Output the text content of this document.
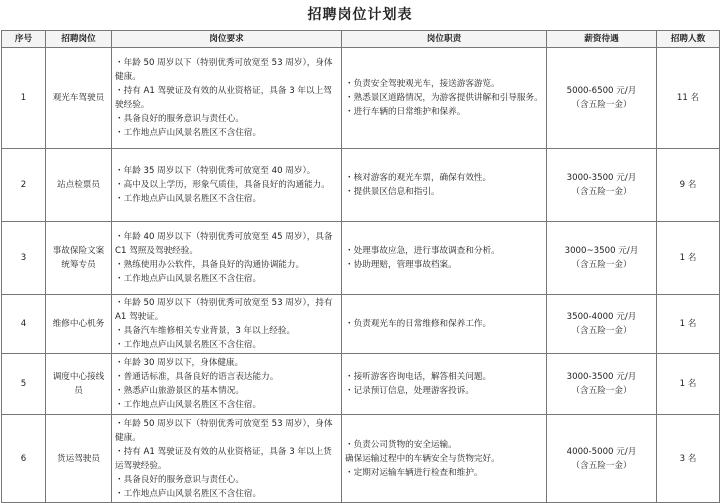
招聘岗位计划表
序号	招聘岗位	岗位要求	岗位职责	薪资待遇	招聘人数
1	观光车驾驶员	・年龄 50 周岁以下（特别优秀可放宽至 53 周岁），身体健康。
・持有 A1 驾驶证及有效的从业资格证，具备 3 年以上驾驶经验。
・具备良好的服务意识与责任心。
・工作地点庐山风景名胜区不含住宿。	・负责安全驾驶观光车，接送游客游览。
・熟悉景区道路情况，为游客提供讲解和引导服务。
・进行车辆的日常维护和保养。	5000-6500 元/月
（含五险一金）	11 名
2	站点检票员	・年龄 35 周岁以下（特别优秀可放宽至 40 周岁）。
・高中及以上学历，形象气质佳，具备良好的沟通能力。
・工作地点庐山风景名胜区不含住宿。	・核对游客的观光车票，确保有效性。
・提供景区信息和指引。	3000-3500 元/月
（含五险一金）	9 名
3	事故保险文案统筹专员	・年龄 40 周岁以下（特别优秀可放宽至 45 周岁），具备 C1 驾照及驾驶经验。
・熟练使用办公软件，具备良好的沟通协调能力。
・工作地点庐山风景名胜区不含住宿。	・处理事故应急，进行事故调查和分析。
・协助理赔，管理事故档案。	3000~3500 元/月
（含五险一金）	1 名
4	维修中心机务	・年龄 50 周岁以下（特别优秀可放宽至 53 周岁），持有 A1 驾驶证。
・具备汽车维修相关专业背景，3 年以上经验。
・工作地点庐山风景名胜区不含住宿。	・负责观光车的日常维修和保养工作。	3500-4000 元/月
（含五险一金）	1 名
5	调度中心接线员	・年龄 30 周岁以下，身体健康。
・普通话标准，具备良好的语言表达能力。
・熟悉庐山旅游景区的基本情况。
・工作地点庐山风景名胜区不含住宿。	・接听游客咨询电话，解答相关问题。
・记录预订信息，处理游客投诉。	3000-3500 元/月
（含五险一金）	1 名
6	货运驾驶员	・年龄 50 周岁以下（特别优秀可放宽至 53 周岁），身体健康。
・持有 A1 驾驶证及有效的从业资格证，具备 3 年以上货运驾驶经验。
・具备良好的服务意识与责任心。
・工作地点庐山风景名胜区不含住宿。	・负责公司货物的安全运输。
确保运输过程中的车辆安全与货物完好。
・定期对运输车辆进行检查和维护。	4000-5000 元/月
（含五险一金）	3 名
